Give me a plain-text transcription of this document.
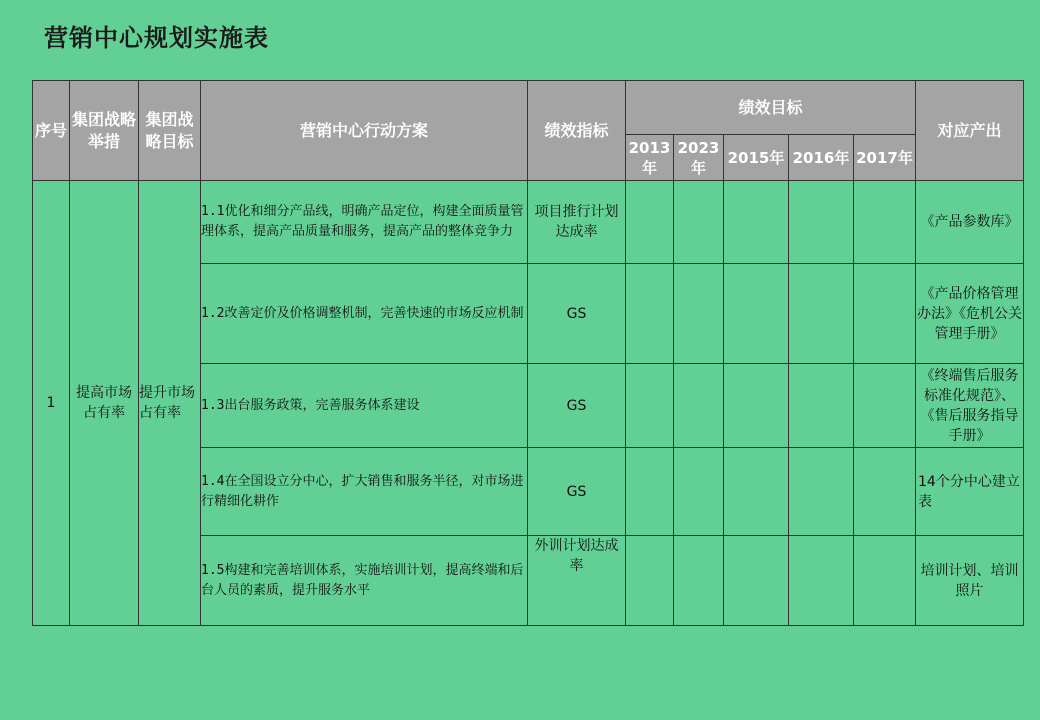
营销中心规划实施表
序号	集团战略举措	集团战略目标	营销中心行动方案	绩效指标	绩效目标					对应产出
					2013年	2023年	2015年	2016年	2017年	
1	提高市场占有率	提升市场占有率	1.1优化和细分产品线，明确产品定位，构建全面质量管理体系，提高产品质量和服务，提高产品的整体竞争力	项目推行计划达成率						《产品参数库》
			1.2改善定价及价格调整机制，完善快速的市场反应机制	GS						《产品价格管理办法》《危机公关管理手册》
			1.3出台服务政策，完善服务体系建设	GS						《终端售后服务标准化规范》、《售后服务指导手册》
			1.4在全国设立分中心，扩大销售和服务半径，对市场进行精细化耕作	GS						14个分中心建立表
			1.5构建和完善培训体系，实施培训计划，提高终端和后台人员的素质，提升服务水平	外训计划达成率						培训计划、培训照片
